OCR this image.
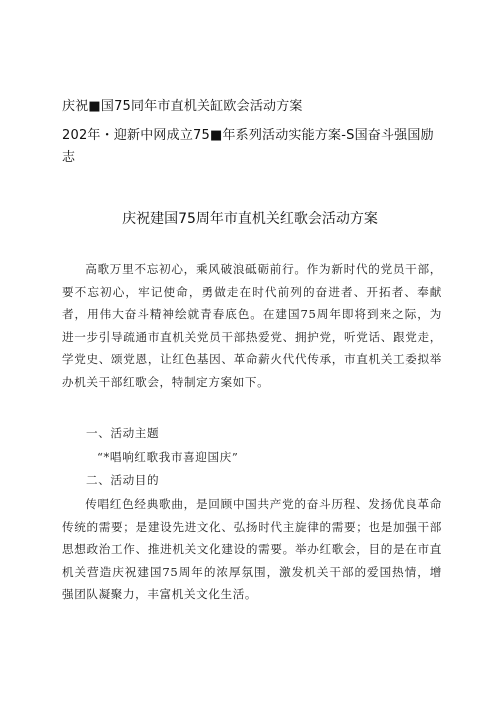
庆祝■国75同年市直机关缸欧会活动方案
202年・迎新中网成立75■年系列活动实能方案-S国奋斗强国励
志
庆祝建国75周年市直机关红歌会活动方案
高歌万里不忘初心，乘风破浪砥砺前行。作为新时代的党员干部，要不忘初心，牢记使命，勇做走在时代前列的奋进者、开拓者、奉献者，用伟大奋斗精神绘就青春底色。在建国75周年即将到来之际，为进一步引导疏通市直机关党员干部热爱党、拥护党，听党话、跟党走，学党史、颂党恩，让红色基因、革命薪火代代传承，市直机关工委拟举办机关干部红歌会，特制定方案如下。
一、活动主题
“*唱响红歌我市喜迎国庆”
二、活动目的
传唱红色经典歌曲，是回顾中国共产党的奋斗历程、发扬优良革命传统的需要；是建设先进文化、弘扬时代主旋律的需要；也是加强干部思想政治工作、推进机关文化建设的需要。举办红歌会，目的是在市直机关营造庆祝建国75周年的浓厚氛围，激发机关干部的爱国热情，增强团队凝聚力，丰富机关文化生活。
